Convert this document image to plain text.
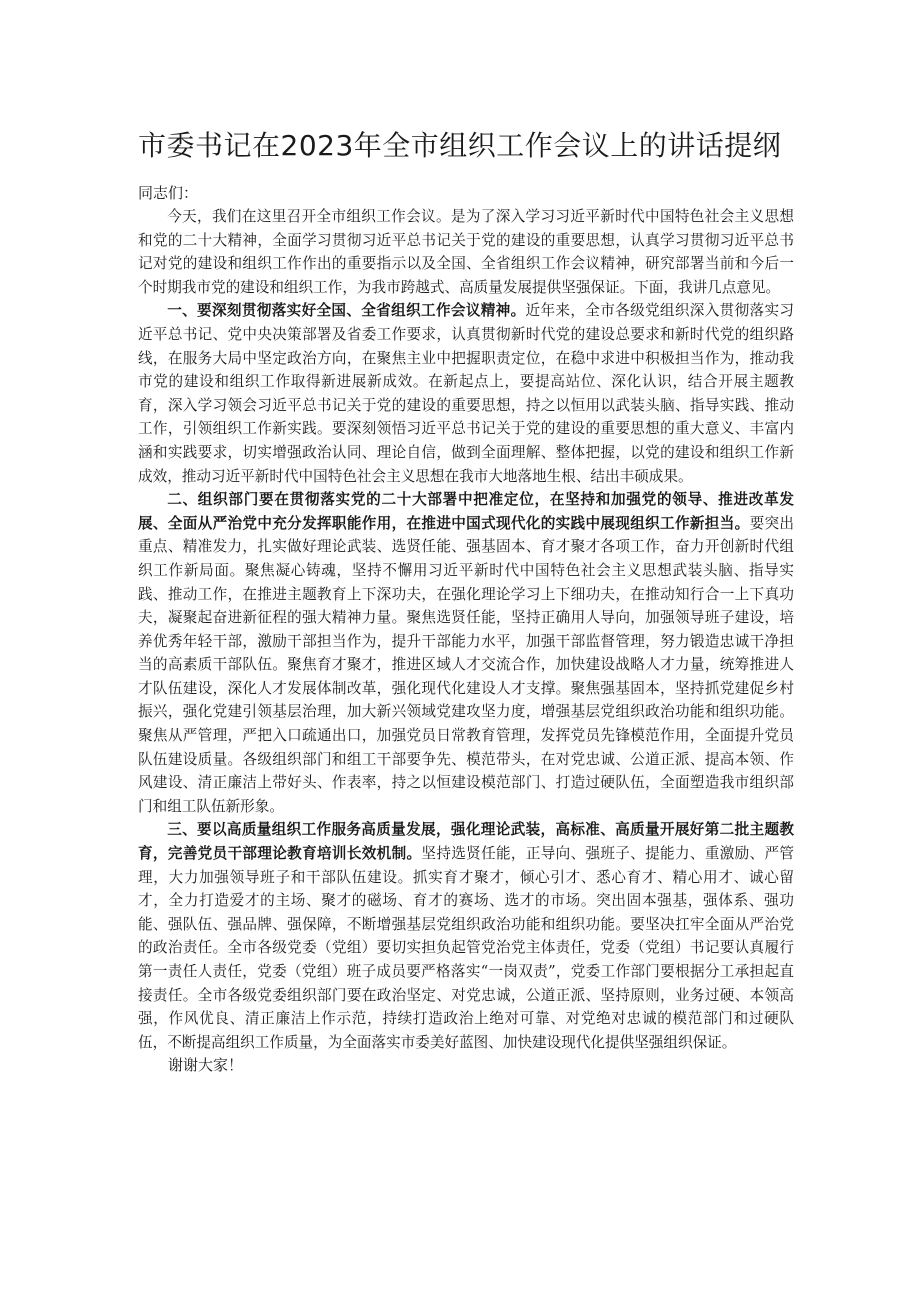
市委书记在2023年全市组织工作会议上的讲话提纲

同志们：

今天，我们在这里召开全市组织工作会议。是为了深入学习习近平新时代中国特色社会主义思想和党的二十大精神，全面学习贯彻习近平总书记关于党的建设的重要思想，认真学习贯彻习近平总书记对党的建设和组织工作作出的重要指示以及全国、全省组织工作会议精神，研究部署当前和今后一个时期我市党的建设和组织工作，为我市跨越式、高质量发展提供坚强保证。下面，我讲几点意见。

一、要深刻贯彻落实好全国、全省组织工作会议精神。近年来，全市各级党组织深入贯彻落实习近平总书记、党中央决策部署及省委工作要求，认真贯彻新时代党的建设总要求和新时代党的组织路线，在服务大局中坚定政治方向，在聚焦主业中把握职责定位，在稳中求进中积极担当作为，推动我市党的建设和组织工作取得新进展新成效。在新起点上，要提高站位、深化认识，结合开展主题教育，深入学习领会习近平总书记关于党的建设的重要思想，持之以恒用以武装头脑、指导实践、推动工作，引领组织工作新实践。要深刻领悟习近平总书记关于党的建设的重要思想的重大意义、丰富内涵和实践要求，切实增强政治认同、理论自信，做到全面理解、整体把握，以党的建设和组织工作新成效，推动习近平新时代中国特色社会主义思想在我市大地落地生根、结出丰硕成果。

二、组织部门要在贯彻落实党的二十大部署中把准定位，在坚持和加强党的领导、推进改革发展、全面从严治党中充分发挥职能作用，在推进中国式现代化的实践中展现组织工作新担当。要突出重点、精准发力，扎实做好理论武装、选贤任能、强基固本、育才聚才各项工作，奋力开创新时代组织工作新局面。聚焦凝心铸魂，坚持不懈用习近平新时代中国特色社会主义思想武装头脑、指导实践、推动工作，在推进主题教育上下深功夫，在强化理论学习上下细功夫，在推动知行合一上下真功夫，凝聚起奋进新征程的强大精神力量。聚焦选贤任能，坚持正确用人导向，加强领导班子建设，培养优秀年轻干部，激励干部担当作为，提升干部能力水平，加强干部监督管理，努力锻造忠诚干净担当的高素质干部队伍。聚焦育才聚才，推进区域人才交流合作，加快建设战略人才力量，统筹推进人才队伍建设，深化人才发展体制改革，强化现代化建设人才支撑。聚焦强基固本，坚持抓党建促乡村振兴，强化党建引领基层治理，加大新兴领域党建攻坚力度，增强基层党组织政治功能和组织功能。聚焦从严管理，严把入口疏通出口，加强党员日常教育管理，发挥党员先锋模范作用，全面提升党员队伍建设质量。各级组织部门和组工干部要争先、模范带头，在对党忠诚、公道正派、提高本领、作风建设、清正廉洁上带好头、作表率，持之以恒建设模范部门、打造过硬队伍，全面塑造我市组织部门和组工队伍新形象。

三、要以高质量组织工作服务高质量发展，强化理论武装，高标准、高质量开展好第二批主题教育，完善党员干部理论教育培训长效机制。坚持选贤任能，正导向、强班子、提能力、重激励、严管理，大力加强领导班子和干部队伍建设。抓实育才聚才，倾心引才、悉心育才、精心用才、诚心留才，全力打造爱才的主场、聚才的磁场、育才的赛场、选才的市场。突出固本强基，强体系、强功能、强队伍、强品牌、强保障，不断增强基层党组织政治功能和组织功能。要坚决扛牢全面从严治党的政治责任。全市各级党委（党组）要切实担负起管党治党主体责任，党委（党组）书记要认真履行第一责任人责任，党委（党组）班子成员要严格落实“一岗双责”，党委工作部门要根据分工承担起直接责任。全市各级党委组织部门要在政治坚定、对党忠诚，公道正派、坚持原则，业务过硬、本领高强，作风优良、清正廉洁上作示范，持续打造政治上绝对可靠、对党绝对忠诚的模范部门和过硬队伍，不断提高组织工作质量，为全面落实市委美好蓝图、加快建设现代化提供坚强组织保证。

谢谢大家！
